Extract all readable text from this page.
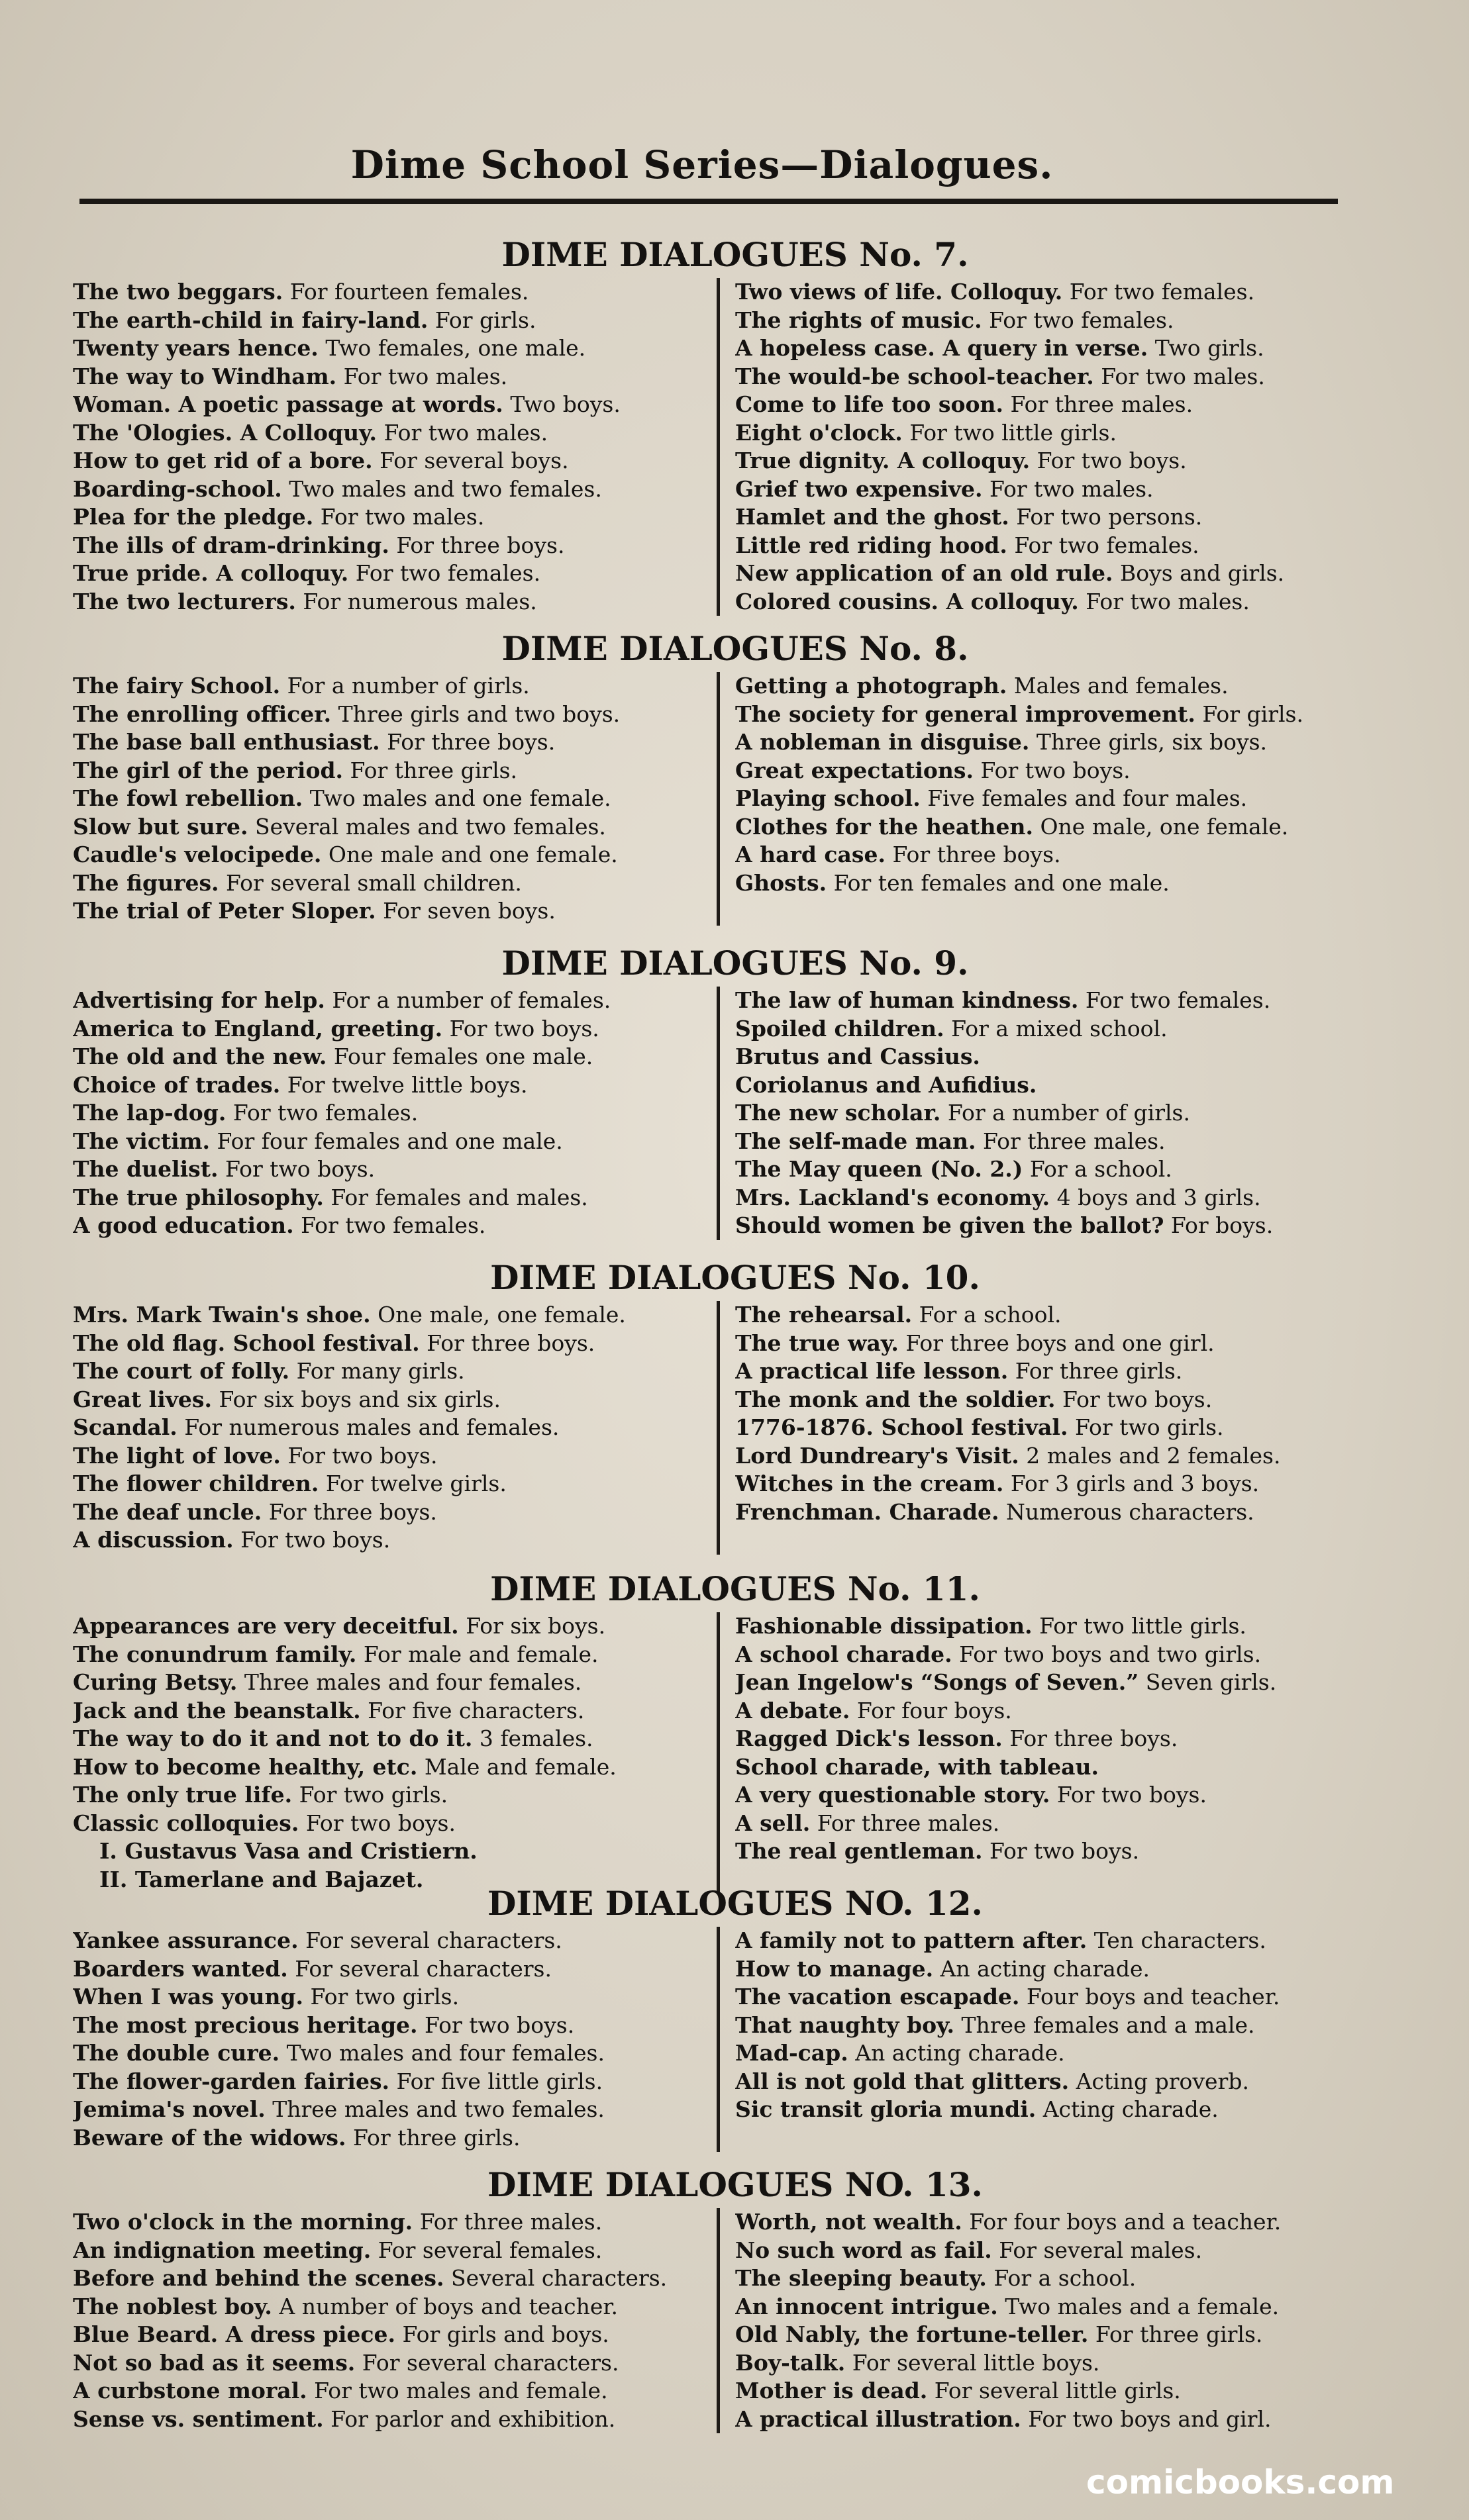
Dime School Series—Dialogues.
DIME DIALOGUES No. 7.
The two beggars. For fourteen females.
The earth-child in fairy-land. For girls.
Twenty years hence. Two females, one male.
The way to Windham. For two males.
Woman. A poetic passage at words. Two boys.
The 'Ologies. A Colloquy. For two males.
How to get rid of a bore. For several boys.
Boarding-school. Two males and two females.
Plea for the pledge. For two males.
The ills of dram-drinking. For three boys.
True pride. A colloquy. For two females.
The two lecturers. For numerous males.
Two views of life. Colloquy. For two females.
The rights of music. For two females.
A hopeless case. A query in verse. Two girls.
The would-be school-teacher. For two males.
Come to life too soon. For three males.
Eight o'clock. For two little girls.
True dignity. A colloquy. For two boys.
Grief two expensive. For two males.
Hamlet and the ghost. For two persons.
Little red riding hood. For two females.
New application of an old rule. Boys and girls.
Colored cousins. A colloquy. For two males.
DIME DIALOGUES No. 8.
The fairy School. For a number of girls.
The enrolling officer. Three girls and two boys.
The base ball enthusiast. For three boys.
The girl of the period. For three girls.
The fowl rebellion. Two males and one female.
Slow but sure. Several males and two females.
Caudle's velocipede. One male and one female.
The figures. For several small children.
The trial of Peter Sloper. For seven boys.
Getting a photograph. Males and females.
The society for general improvement. For girls.
A nobleman in disguise. Three girls, six boys.
Great expectations. For two boys.
Playing school. Five females and four males.
Clothes for the heathen. One male, one female.
A hard case. For three boys.
Ghosts. For ten females and one male.
DIME DIALOGUES No. 9.
Advertising for help. For a number of females.
America to England, greeting. For two boys.
The old and the new. Four females one male.
Choice of trades. For twelve little boys.
The lap-dog. For two females.
The victim. For four females and one male.
The duelist. For two boys.
The true philosophy. For females and males.
A good education. For two females.
The law of human kindness. For two females.
Spoiled children. For a mixed school.
Brutus and Cassius.
Coriolanus and Aufidius.
The new scholar. For a number of girls.
The self-made man. For three males.
The May queen (No. 2.) For a school.
Mrs. Lackland's economy. 4 boys and 3 girls.
Should women be given the ballot? For boys.
DIME DIALOGUES No. 10.
Mrs. Mark Twain's shoe. One male, one female.
The old flag. School festival. For three boys.
The court of folly. For many girls.
Great lives. For six boys and six girls.
Scandal. For numerous males and females.
The light of love. For two boys.
The flower children. For twelve girls.
The deaf uncle. For three boys.
A discussion. For two boys.
The rehearsal. For a school.
The true way. For three boys and one girl.
A practical life lesson. For three girls.
The monk and the soldier. For two boys.
1776-1876. School festival. For two girls.
Lord Dundreary's Visit. 2 males and 2 females.
Witches in the cream. For 3 girls and 3 boys.
Frenchman. Charade. Numerous characters.
DIME DIALOGUES No. 11.
Appearances are very deceitful. For six boys.
The conundrum family. For male and female.
Curing Betsy. Three males and four females.
Jack and the beanstalk. For five characters.
The way to do it and not to do it. 3 females.
How to become healthy, etc. Male and female.
The only true life. For two girls.
Classic colloquies. For two boys.
I. Gustavus Vasa and Cristiern.
II. Tamerlane and Bajazet.
Fashionable dissipation. For two little girls.
A school charade. For two boys and two girls.
Jean Ingelow's “Songs of Seven.” Seven girls.
A debate. For four boys.
Ragged Dick's lesson. For three boys.
School charade, with tableau.
A very questionable story. For two boys.
A sell. For three males.
The real gentleman. For two boys.
DIME DIALOGUES NO. 12.
Yankee assurance. For several characters.
Boarders wanted. For several characters.
When I was young. For two girls.
The most precious heritage. For two boys.
The double cure. Two males and four females.
The flower-garden fairies. For five little girls.
Jemima's novel. Three males and two females.
Beware of the widows. For three girls.
A family not to pattern after. Ten characters.
How to manage. An acting charade.
The vacation escapade. Four boys and teacher.
That naughty boy. Three females and a male.
Mad-cap. An acting charade.
All is not gold that glitters. Acting proverb.
Sic transit gloria mundi. Acting charade.
DIME DIALOGUES NO. 13.
Two o'clock in the morning. For three males.
An indignation meeting. For several females.
Before and behind the scenes. Several characters.
The noblest boy. A number of boys and teacher.
Blue Beard. A dress piece. For girls and boys.
Not so bad as it seems. For several characters.
A curbstone moral. For two males and female.
Sense vs. sentiment. For parlor and exhibition.
Worth, not wealth. For four boys and a teacher.
No such word as fail. For several males.
The sleeping beauty. For a school.
An innocent intrigue. Two males and a female.
Old Nably, the fortune-teller. For three girls.
Boy-talk. For several little boys.
Mother is dead. For several little girls.
A practical illustration. For two boys and girl.
comicbooks.com
